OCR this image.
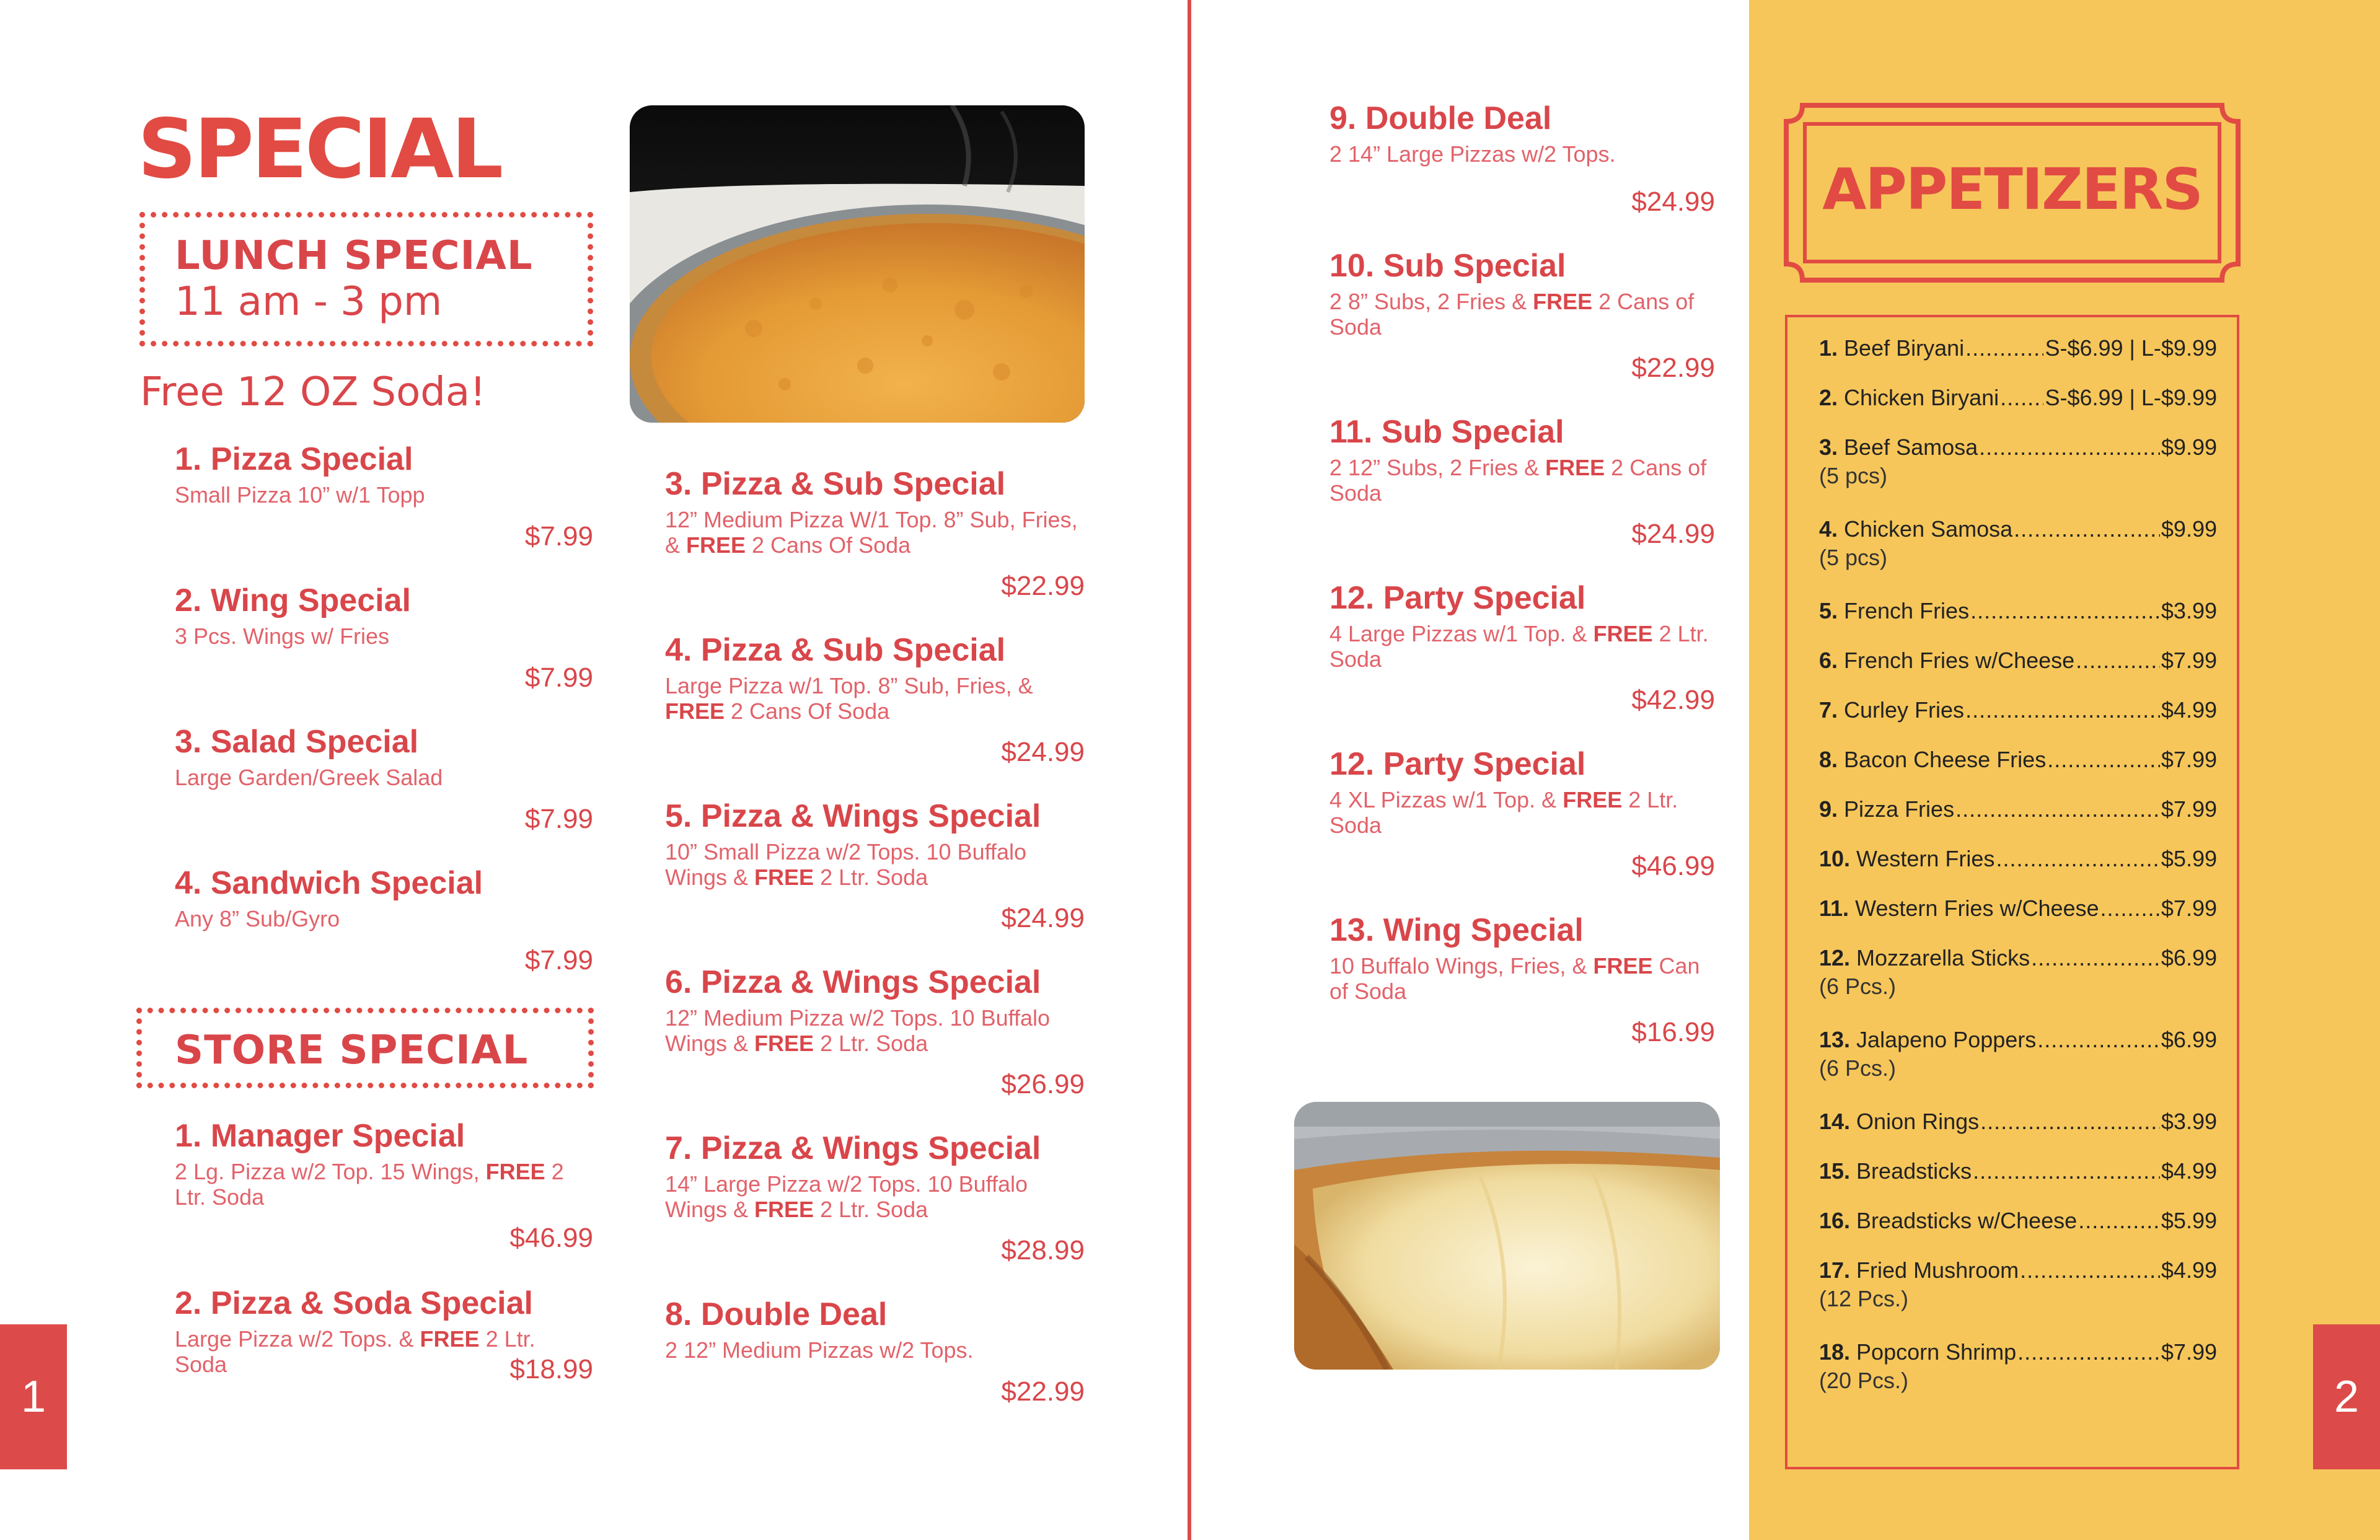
SPECIAL
LUNCH SPECIAL
11 am - 3 pm
Free 12 OZ Soda!
1. Pizza Special
Small Pizza 10” w/1 Topp
$7.99
2. Wing Special
3 Pcs. Wings w/ Fries
$7.99
3. Salad Special
Large Garden/Greek Salad
$7.99
4. Sandwich Special
Any 8” Sub/Gyro
$7.99
STORE SPECIAL
1. Manager Special
2 Lg. Pizza w/2 Top. 15 Wings, FREE 2 Ltr. Soda
$46.99
2. Pizza & Soda Special
Large Pizza w/2 Tops. & FREE 2 Ltr. Soda	$18.99
3. Pizza & Sub Special
12” Medium Pizza W/1 Top. 8” Sub, Fries, & FREE 2 Cans Of Soda
$22.99
4. Pizza & Sub Special
Large Pizza w/1 Top. 8” Sub, Fries, & FREE 2 Cans Of Soda
$24.99
5. Pizza & Wings Special
10” Small Pizza w/2 Tops. 10 Buffalo Wings & FREE 2 Ltr. Soda
$24.99
6. Pizza & Wings Special
12” Medium Pizza w/2 Tops. 10 Buffalo Wings & FREE 2 Ltr. Soda
$26.99
7. Pizza & Wings Special
14” Large Pizza w/2 Tops. 10 Buffalo Wings & FREE 2 Ltr. Soda
$28.99
8. Double Deal
2 12” Medium Pizzas w/2 Tops.
$22.99
1
9. Double Deal
2 14” Large Pizzas w/2 Tops.
$24.99
10. Sub Special
2 8” Subs, 2 Fries & FREE 2 Cans of Soda
$22.99
11. Sub Special
2 12” Subs, 2 Fries & FREE 2 Cans of Soda
$24.99
12. Party Special
4 Large Pizzas w/1 Top. & FREE 2 Ltr. Soda
$42.99
12. Party Special
4 XL Pizzas w/1 Top. & FREE 2 Ltr. Soda
$46.99
13. Wing Special
10 Buffalo Wings, Fries, & FREE Can of Soda
$16.99
APPETIZERS
1. Beef Biryani .....	S-$6.99 | L-$9.99
2. Chicken Biryani ..... S-$6.99 | L-$9.99
3. Beef Samosa .....	$9.99
(5 pcs)
4. Chicken Samosa .....	$9.99
(5 pcs)
5. French Fries .....	$3.99
6. French Fries w/Cheese .....	$7.99
7. Curley Fries .....	$4.99
8. Bacon Cheese Fries .....	$7.99
9. Pizza Fries .....	$7.99
10. Western Fries .....	$5.99
11. Western Fries w/Cheese .....	$7.99
12. Mozzarella Sticks .....	$6.99
(6 Pcs.)
13. Jalapeno Poppers .....	$6.99
(6 Pcs.)
14. Onion Rings .....	$3.99
15. Breadsticks .....	$4.99
16. Breadsticks w/Cheese .....	$5.99
17. Fried Mushroom .....	$4.99
(12 Pcs.)
18. Popcorn Shrimp .....	$7.99
(20 Pcs.)	2
